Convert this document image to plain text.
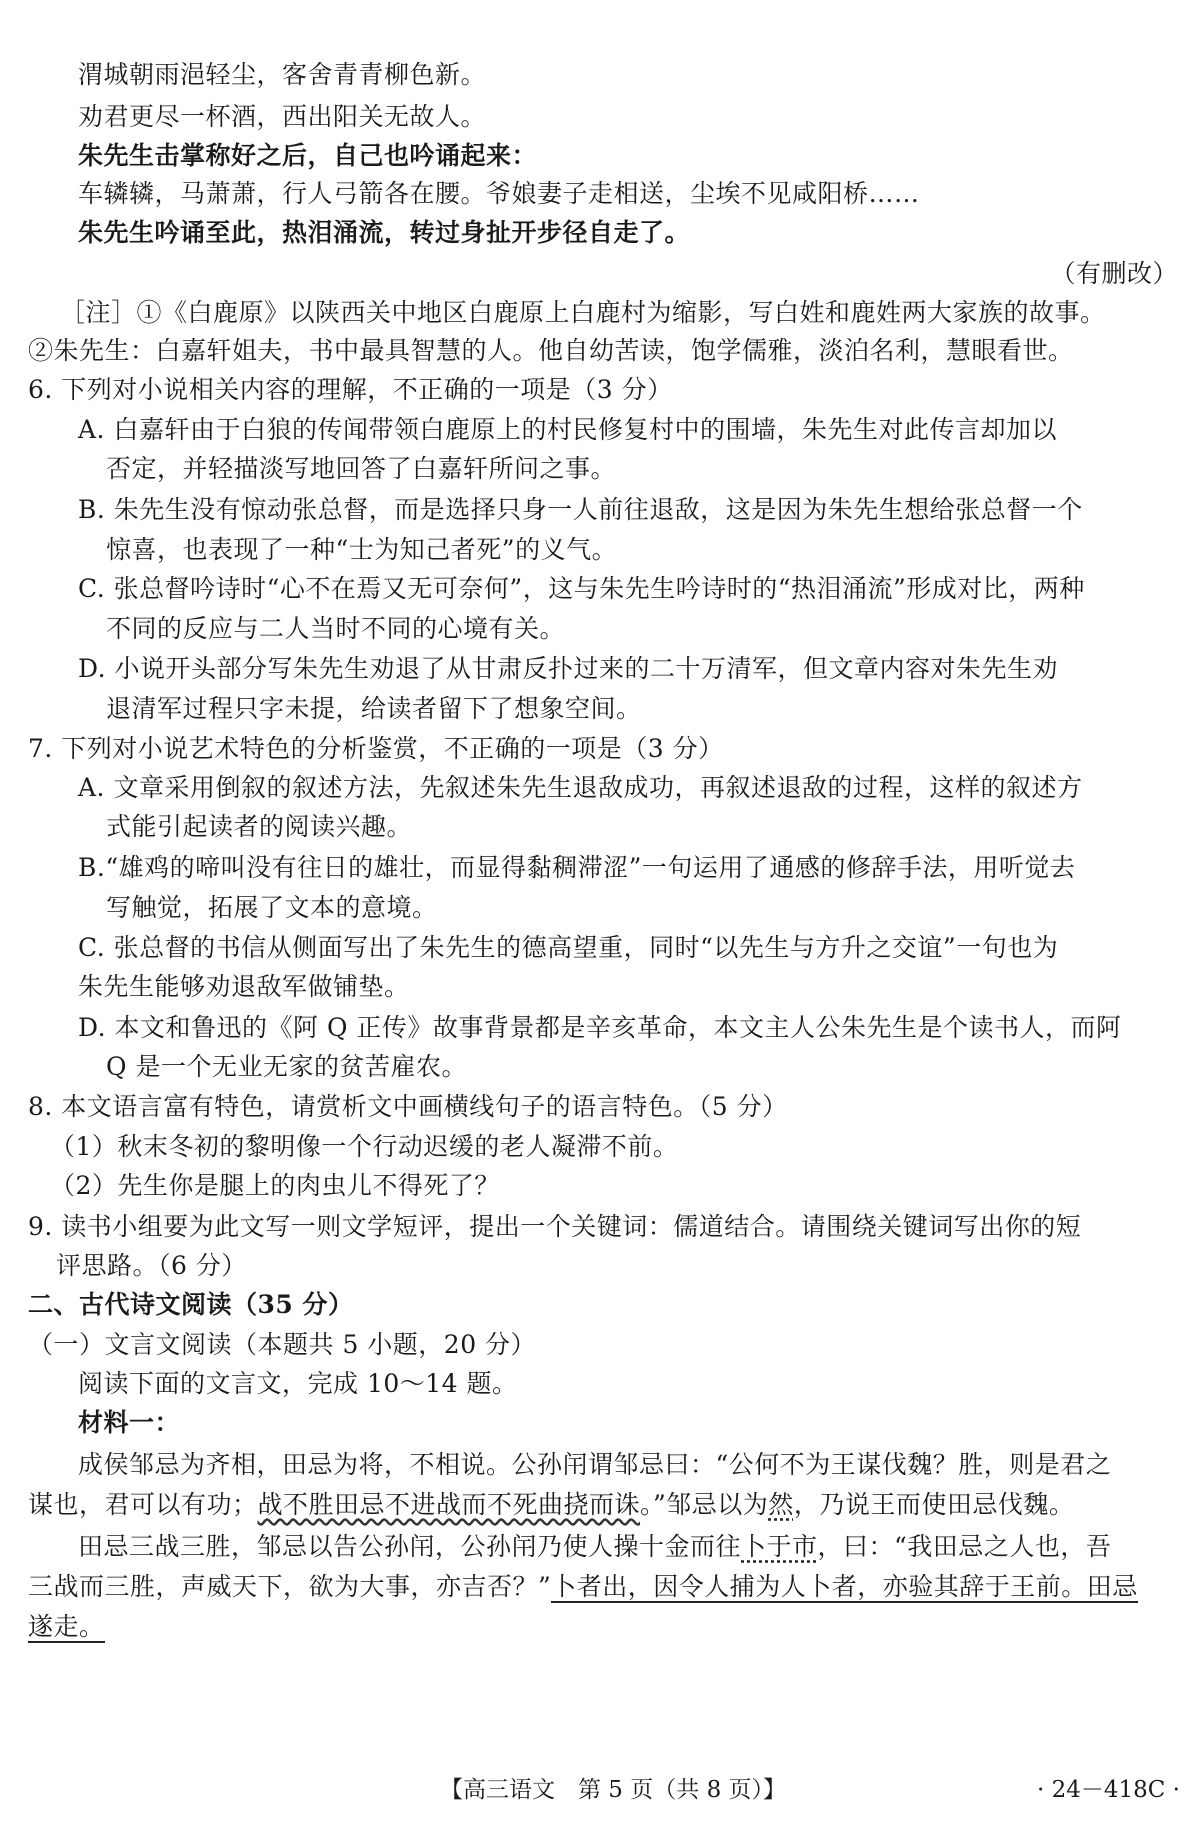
渭城朝雨浥轻尘，客舍青青柳色新。
劝君更尽一杯酒，西出阳关无故人。
朱先生击掌称好之后，自己也吟诵起来：
车辚辚，马萧萧，行人弓箭各在腰。爷娘妻子走相送，尘埃不见咸阳桥……
朱先生吟诵至此，热泪涌流，转过身扯开步径自走了。
（有删改）
［注］①《白鹿原》以陕西关中地区白鹿原上白鹿村为缩影，写白姓和鹿姓两大家族的故事。
②朱先生：白嘉轩姐夫，书中最具智慧的人。他自幼苦读，饱学儒雅，淡泊名利，慧眼看世。
6. 下列对小说相关内容的理解，不正确的一项是（3 分）
A. 白嘉轩由于白狼的传闻带领白鹿原上的村民修复村中的围墙，朱先生对此传言却加以
否定，并轻描淡写地回答了白嘉轩所问之事。
B. 朱先生没有惊动张总督，而是选择只身一人前往退敌，这是因为朱先生想给张总督一个
惊喜，也表现了一种“士为知己者死”的义气。
C. 张总督吟诗时“心不在焉又无可奈何”，这与朱先生吟诗时的“热泪涌流”形成对比，两种
不同的反应与二人当时不同的心境有关。
D. 小说开头部分写朱先生劝退了从甘肃反扑过来的二十万清军，但文章内容对朱先生劝
退清军过程只字未提，给读者留下了想象空间。
7. 下列对小说艺术特色的分析鉴赏，不正确的一项是（3 分）
A. 文章采用倒叙的叙述方法，先叙述朱先生退敌成功，再叙述退敌的过程，这样的叙述方
式能引起读者的阅读兴趣。
B.“雄鸡的啼叫没有往日的雄壮，而显得黏稠滞涩”一句运用了通感的修辞手法，用听觉去
写触觉，拓展了文本的意境。
C. 张总督的书信从侧面写出了朱先生的德高望重，同时“以先生与方升之交谊”一句也为
朱先生能够劝退敌军做铺垫。
D. 本文和鲁迅的《阿 Q 正传》故事背景都是辛亥革命，本文主人公朱先生是个读书人，而阿
Q 是一个无业无家的贫苦雇农。
8. 本文语言富有特色，请赏析文中画横线句子的语言特色。（5 分）
（1）秋末冬初的黎明像一个行动迟缓的老人凝滞不前。
（2）先生你是腿上的肉虫儿不得死了？
9. 读书小组要为此文写一则文学短评，提出一个关键词：儒道结合。请围绕关键词写出你的短
评思路。（6 分）
二、古代诗文阅读（35 分）
（一）文言文阅读（本题共 5 小题，20 分）
阅读下面的文言文，完成 10～14 题。
材料一：
成侯邹忌为齐相，田忌为将，不相说。公孙闬谓邹忌曰：“公何不为王谋伐魏？胜，则是君之
谋也，君可以有功；战不胜田忌不进战而不死曲挠而诛。”邹忌以为然，乃说王而使田忌伐魏。
田忌三战三胜，邹忌以告公孙闬，公孙闬乃使人操十金而往卜于市，曰：“我田忌之人也，吾
三战而三胜，声威天下，欲为大事，亦吉否？”卜者出，因令人捕为人卜者，亦验其辞于王前。田忌
遂走。
【高三语文　第 5 页（共 8 页）】	· 24－418C ·
